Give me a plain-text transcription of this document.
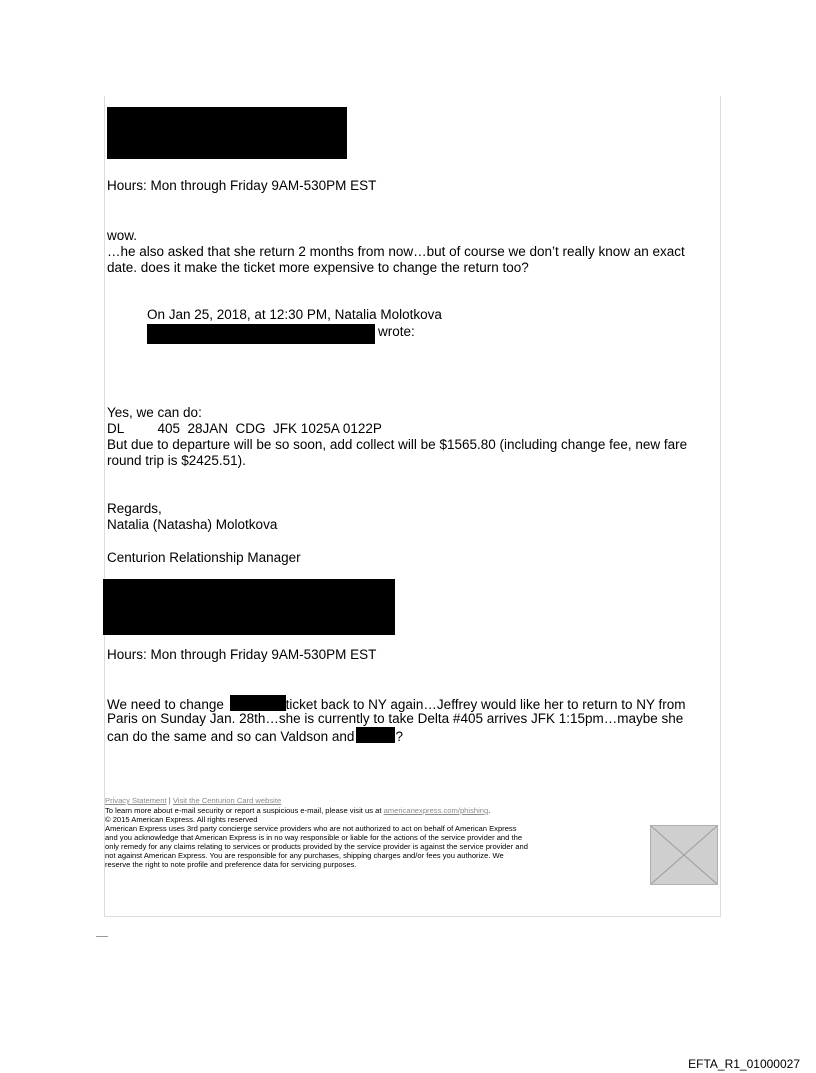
Hours: Mon through Friday 9AM-530PM EST
wow.
…he also asked that she return 2 months from now…but of course we don’t really know an exact
date. does it make the ticket more expensive to change the return too?
On Jan 25, 2018, at 12:30 PM, Natalia Molotkova
wrote:
Yes, we can do:
DL         405  28JAN  CDG  JFK 1025A 0122P
But due to departure will be so soon, add collect will be $1565.80 (including change fee, new fare
round trip is $2425.51).
Regards,
Natalia (Natasha) Molotkova
Centurion Relationship Manager
Hours: Mon through Friday 9AM-530PM EST
We need to change	ticket back to NY again…Jeffrey would like her to return to NY from
Paris on Sunday Jan. 28th…she is currently to take Delta #405 arrives JFK 1:15pm…maybe she
can do the same and so can Valdson and	?
Privacy Statement | Visit the Centurion Card website
To learn more about e-mail security or report a suspicious e-mail, please visit us at americanexpress.com/phishing.
© 2015 American Express. All rights reserved
American Express uses 3rd party concierge service providers who are not authorized to act on behalf of American Express
and you acknowledge that American Express is in no way responsible or liable for the actions of the service provider and the
only remedy for any claims relating to services or products provided by the service provider is against the service provider and
not against American Express. You are responsible for any purchases, shipping charges and/or fees you authorize. We
reserve the right to note profile and preference data for servicing purposes.
EFTA_R1_01000027
